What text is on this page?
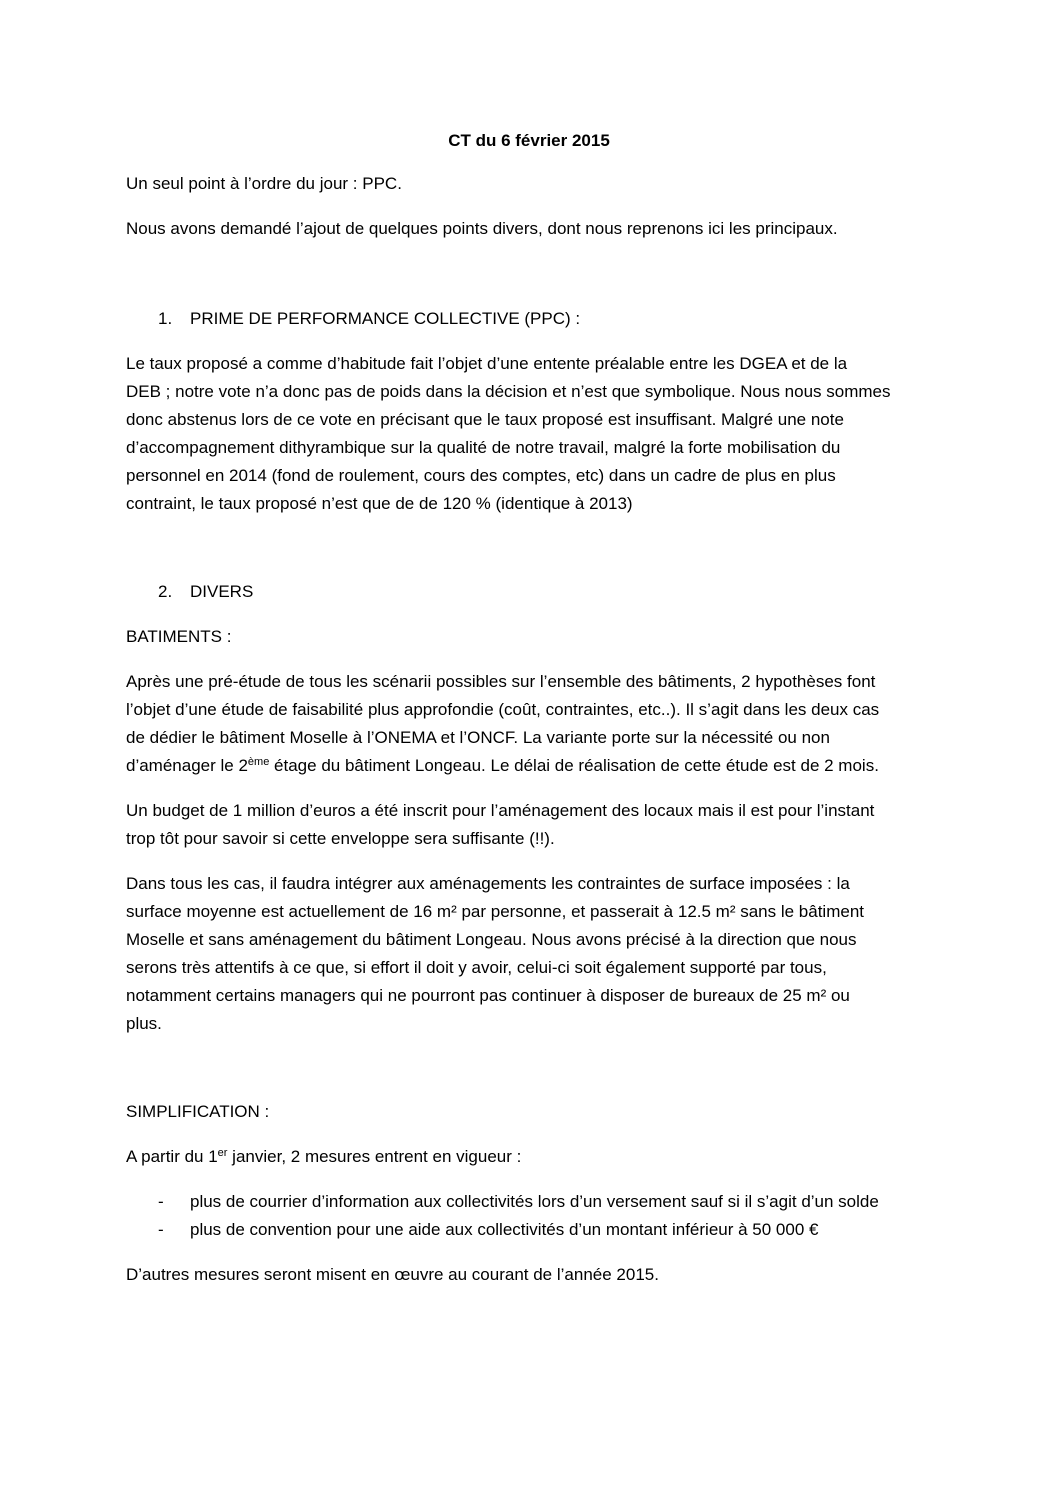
CT du 6 février 2015
Un seul point à l’ordre du jour : PPC.
Nous avons demandé l’ajout de quelques points divers, dont nous reprenons ici les principaux.
1. PRIME DE PERFORMANCE COLLECTIVE (PPC) :
Le taux proposé a comme d’habitude fait l’objet d’une entente préalable entre les DGEA et de la
DEB ; notre vote n’a donc pas de poids dans la décision et n’est que symbolique. Nous nous sommes
donc abstenus lors de ce vote en précisant que le taux proposé est insuffisant. Malgré une note
d’accompagnement dithyrambique sur la qualité de notre travail, malgré la forte mobilisation du
personnel en 2014 (fond de roulement, cours des comptes, etc) dans un cadre de plus en plus
contraint, le taux proposé n’est que de de 120 % (identique à 2013)
2. DIVERS
BATIMENTS :
Après une pré-étude de tous les scénarii possibles sur l’ensemble des bâtiments, 2 hypothèses font
l’objet d’une étude de faisabilité plus approfondie (coût, contraintes, etc..). Il s’agit dans les deux cas
de dédier le bâtiment Moselle à l’ONEMA et l’ONCF. La variante porte sur la nécessité ou non
d’aménager le 2ème étage du bâtiment Longeau. Le délai de réalisation de cette étude est de 2 mois.
Un budget de 1 million d’euros a été inscrit pour l’aménagement des locaux mais il est pour l’instant
trop tôt pour savoir si cette enveloppe sera suffisante (!!).
Dans tous les cas, il faudra intégrer aux aménagements les contraintes de surface imposées : la
surface moyenne est actuellement de 16 m² par personne, et passerait à 12.5 m² sans le bâtiment
Moselle et sans aménagement du bâtiment Longeau. Nous avons précisé à la direction que nous
serons très attentifs à ce que, si effort il doit y avoir, celui-ci soit également supporté par tous,
notamment certains managers qui ne pourront pas continuer à disposer de bureaux de 25 m² ou
plus.
SIMPLIFICATION :
A partir du 1er janvier, 2 mesures entrent en vigueur :
- plus de courrier d’information aux collectivités lors d’un versement sauf si il s’agit d’un solde
- plus de convention pour une aide aux collectivités d’un montant inférieur à 50 000 €
D’autres mesures seront misent en œuvre au courant de l’année 2015.
